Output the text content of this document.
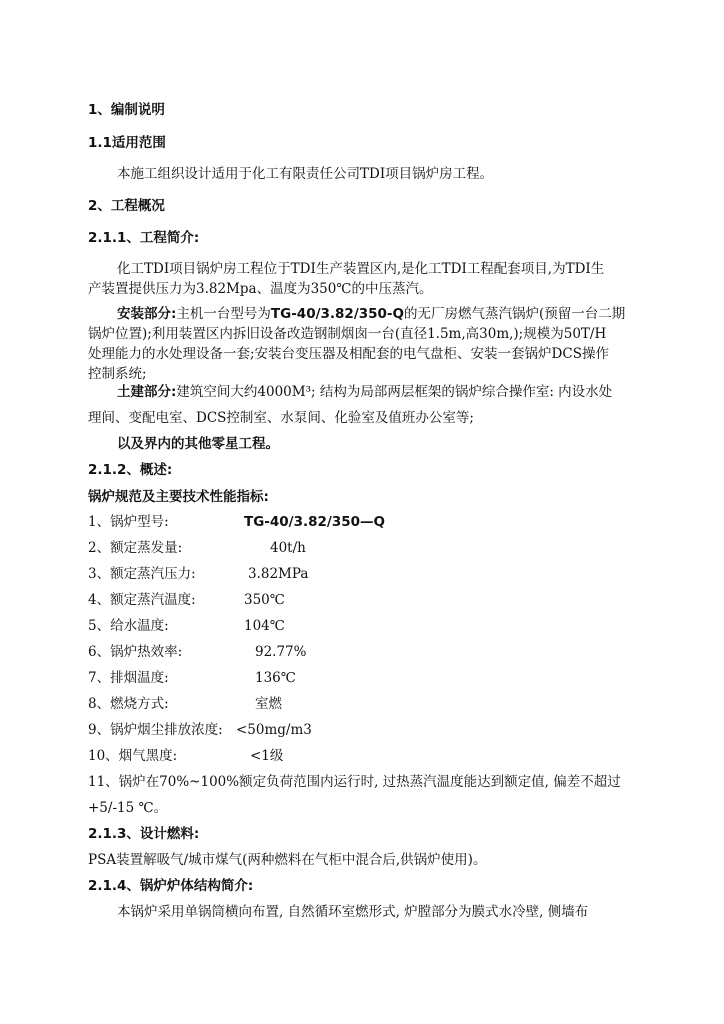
1、编制说明
1.1适用范围
本施工组织设计适用于化工有限责任公司TDI项目锅炉房工程。
2、工程概况
2.1.1、工程简介:
化工TDI项目锅炉房工程位于TDI生产装置区内,是化工TDI工程配套项目,为TDI生
产装置提供压力为3.82Mpa、温度为350℃的中压蒸汽。
安装部分:主机一台型号为TG-40/3.82/350-Q的无厂房燃气蒸汽锅炉(预留一台二期
锅炉位置);利用装置区内拆旧设备改造钢制烟囱一台(直径1.5m,高30m,);规模为50T/H
处理能力的水处理设备一套;安装台变压器及相配套的电气盘柜、安装一套锅炉DCS操作
控制系统;
土建部分:建筑空间大约4000M³; 结构为局部两层框架的锅炉综合操作室: 内设水处
理间、变配电室、DCS控制室、水泵间、化验室及值班办公室等;
以及界内的其他零星工程。
2.1.2、概述:
锅炉规范及主要技术性能指标:
1、锅炉型号:	TG-40/3.82/350—Q
2、额定蒸发量:	40t/h
3、额定蒸汽压力:	3.82MPa
4、额定蒸汽温度:	350℃
5、给水温度:	104℃
6、锅炉热效率:	92.77%
7、排烟温度:	136℃
8、燃烧方式:	室燃
9、锅炉烟尘排放浓度: <50mg/m3
10、烟气黑度:	<1级
11、锅炉在70%~100%额定负荷范围内运行时, 过热蒸汽温度能达到额定值, 偏差不超过
+5/-15 ℃。
2.1.3、设计燃料:
PSA装置解吸气/城市煤气(两种燃料在气柜中混合后,供锅炉使用)。
2.1.4、锅炉炉体结构简介:
本锅炉采用单锅筒横向布置, 自然循环室燃形式, 炉膛部分为膜式水冷壁, 侧墙布
